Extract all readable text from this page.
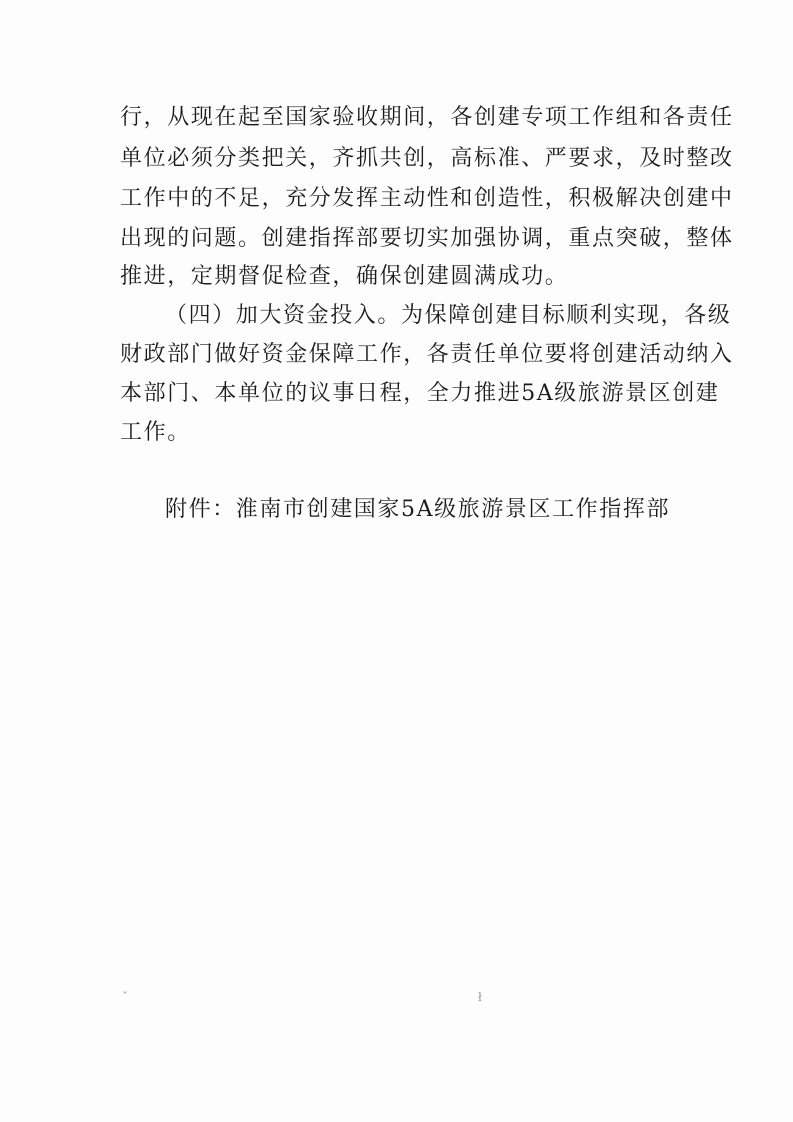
行，从现在起至国家验收期间，各创建专项工作组和各责任
单位必须分类把关，齐抓共创，高标准、严要求，及时整改
工作中的不足，充分发挥主动性和创造性，积极解决创建中
出现的问题。创建指挥部要切实加强协调，重点突破，整体
推进，定期督促检查，确保创建圆满成功。
（四）加大资金投入。为保障创建目标顺利实现，各级
财政部门做好资金保障工作，各责任单位要将创建活动纳入
本部门、本单位的议事日程，全力推进5A级旅游景区创建
工作。
附件：淮南市创建国家5A级旅游景区工作指挥部
ˇ	ł
